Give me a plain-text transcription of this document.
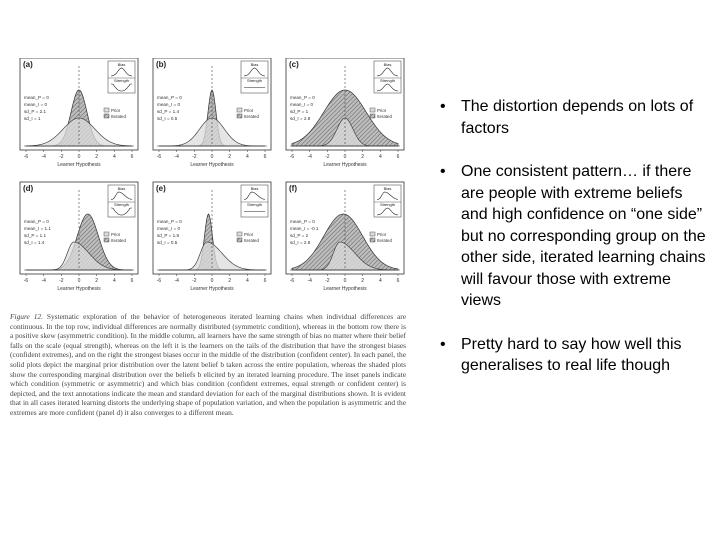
(a)	Bias
Strength
mean_P = 0
mean_I = 0
sd_P = 2.1
sd_I = 1
Prior
Iterated
-6	-4	-2	0	2	4	6
Learner Hypothesis
(b)	Bias
Strength
mean_P = 0
mean_I = 0
sd_P = 1.4
sd_I = 0.5
Prior
Iterated
-6	-4	-2	0	2	4	6
Learner Hypothesis
(c)	Bias
Strength
mean_P = 0
mean_I = 0
sd_P = 1
sd_I = 2.8
Prior
Iterated
-6	-4	-2	0	2	4	6
Learner Hypothesis
(d)	Bias
Strength
mean_P = 0
mean_I = 1.1
sd_P = 1.1
sd_I = 1.4
Prior
Iterated
-6	-4	-2	0	2	4	6
Learner Hypothesis
(e)	Bias
Strength
mean_P = 0
mean_I = 0
sd_P = 1.8
sd_I = 0.5
Prior
Iterated
-6	-4	-2	0	2	4	6
Learner Hypothesis
(f)	Bias
Strength
mean_P = 0
mean_I = -0.1
sd_P = 2
sd_I = 2.8
Prior
Iterated
-6	-4	-2	0	2	4	6
Learner Hypothesis
Figure 12. Systematic exploration of the behavior of heterogeneous iterated learning chains when individual differences are continuous. In the top row, individual differences are normally distributed (symmetric condition), whereas in the bottom row there is a positive skew (asymmetric condition). In the middle column, all learners have the same strength of bias no matter where their belief falls on the scale (equal strength), whereas on the left it is the learners on the tails of the distribution that have the strongest biases (confident extremes), and on the right the strongest biases occur in the middle of the distribution (confident center). In each panel, the solid plots depict the marginal prior distribution over the latent belief b taken across the entire population, whereas the shaded plots show the corresponding marginal distribution over the beliefs b elicited by an iterated learning procedure. The inset panels indicate which condition (symmetric or asymmetric) and which bias condition (confident extremes, equal strength or confident center) is depicted, and the text annotations indicate the mean and standard deviation for each of the marginal distributions shown. It is evident that in all cases iterated learning distorts the underlying shape of population variation, and when the population is asymmetric and the extremes are more confident (panel d) it also converges to a different mean.
• The distortion depends on lots of factors
• One consistent pattern… if there are people with extreme beliefs and high confidence on “one side” but no corresponding group on the other side, iterated learning chains will favour those with extreme views
• Pretty hard to say how well this generalises to real life though
